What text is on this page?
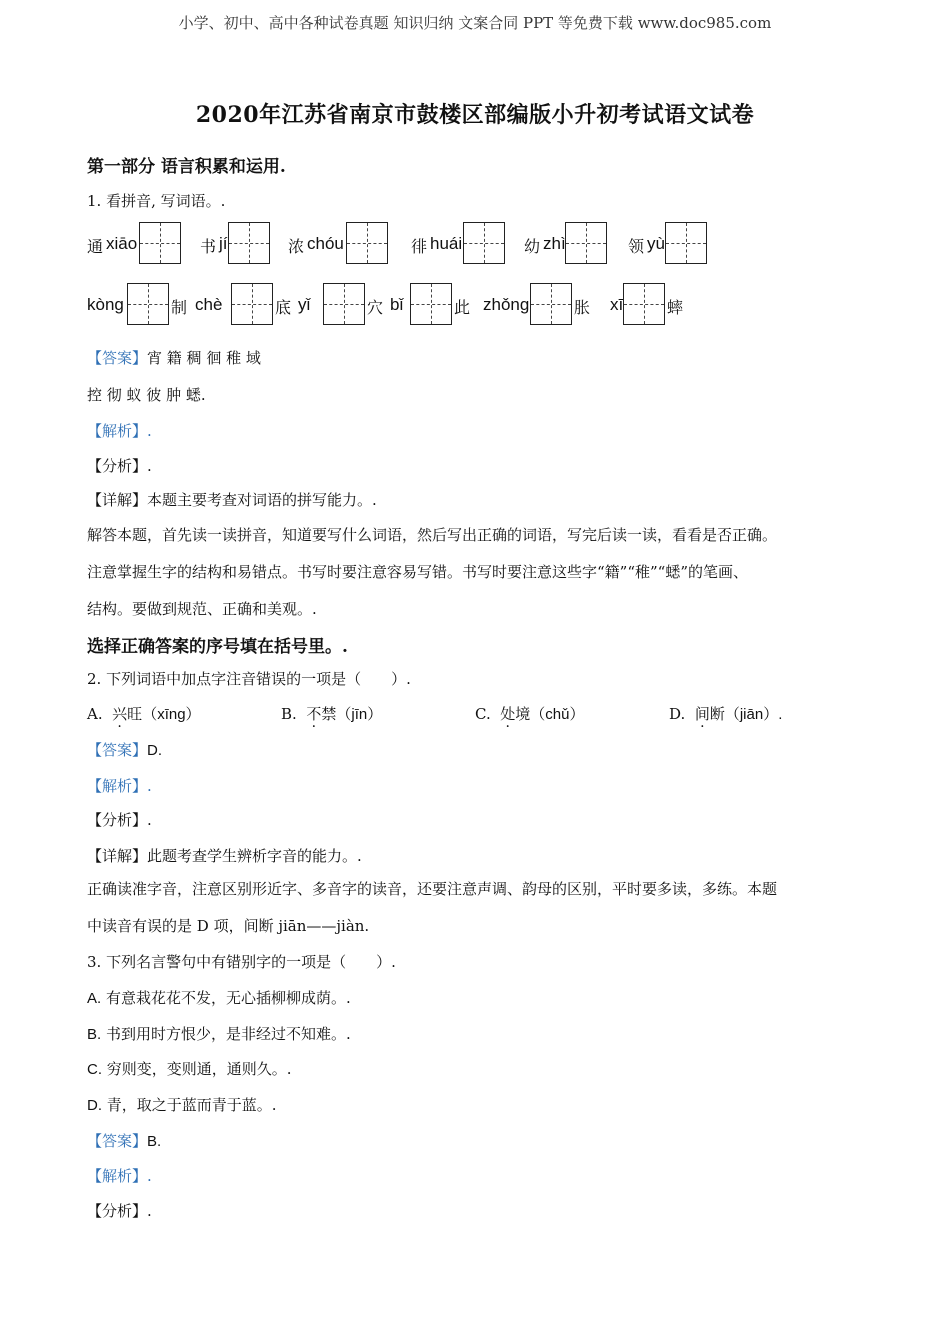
小学、初中、高中各种试卷真题 知识归纳 文案合同 PPT 等免费下载 www.doc985.com
2020年江苏省南京市鼓楼区部编版小升初考试语文试卷
第一部分 语言积累和运用.
1. 看拼音, 写词语。.
通 xiāo	书 jí	浓 chóu	徘 huái	幼 zhì	领 yù
kòng	制 chè	底 yǐ	穴 bǐ	此 zhǒng	胀 xī	蟀
【答案】宵 籍 稠 徊 稚 域
控 彻 蚁 彼 肿 蟋.
【解析】.
【分析】.
【详解】本题主要考查对词语的拼写能力。.
解答本题，首先读一读拼音，知道要写什么词语，然后写出正确的词语，写完后读一读，看看是否正确。
注意掌握生字的结构和易错点。书写时要注意容易写错。书写时要注意这些字“籍”“稚”“蟋”的笔画、
结构。要做到规范、正确和美观。.
选择正确答案的序号填在括号里。.
2. 下列词语中加点字注音错误的一项是（　　）.
A. 兴旺（xīng）	B. 不禁（jīn）	C. 处境（chǔ）	D. 间断（jiān）.
【答案】D.
【解析】.
【分析】.
【详解】此题考查学生辨析字音的能力。.
正确读准字音，注意区别形近字、多音字的读音，还要注意声调、韵母的区别，平时要多读，多练。本题
中读音有误的是 D 项，间断 jiān——jiàn.
3. 下列名言警句中有错别字的一项是（　　）.
A. 有意栽花花不发，无心插柳柳成荫。.
B. 书到用时方恨少，是非经过不知难。.
C. 穷则变，变则通，通则久。.
D. 青，取之于蓝而青于蓝。.
【答案】B.
【解析】.
【分析】.
